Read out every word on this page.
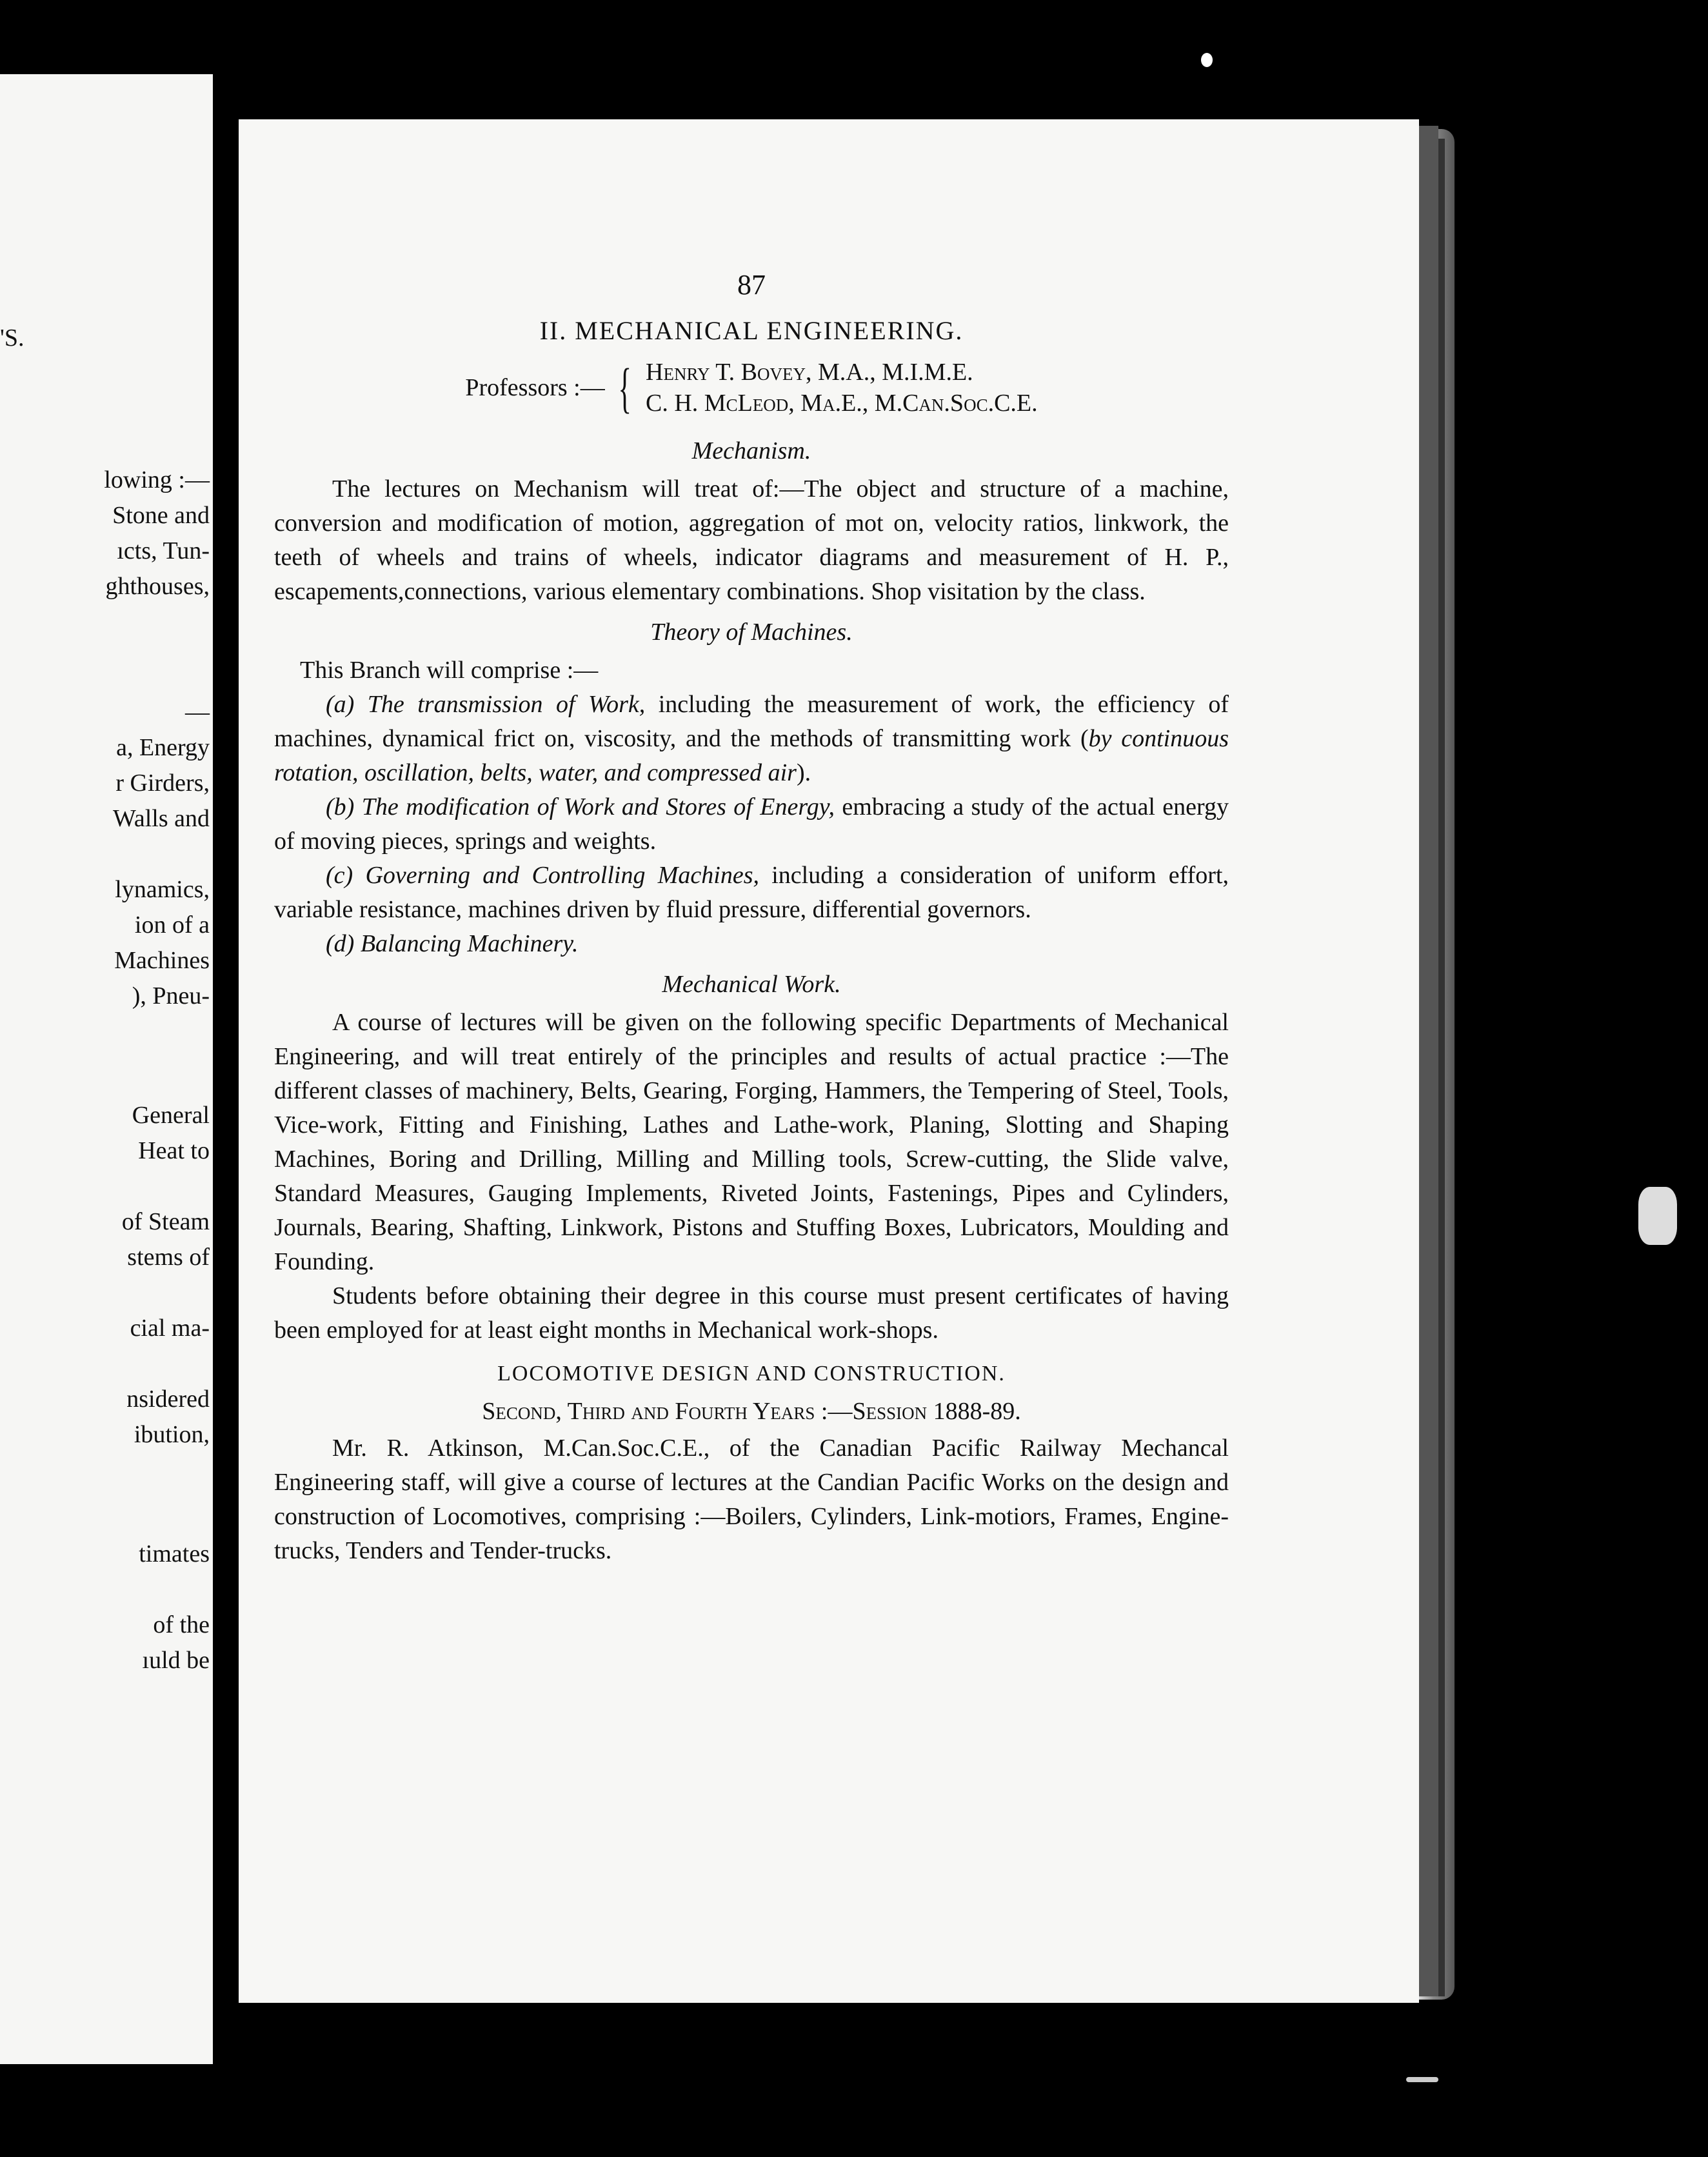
'S.
lowing :—
Stone and
ıcts, Tun-
ghthouses,
—
a, Energy
r Girders,
Walls and
lynamics,
ion of a
Machines
), Pneu-
General
Heat to
of Steam
stems of
cial ma-
nsidered
ibution,
timates
of the
ıuld be
87
II. MECHANICAL ENGINEERING.
Professors :— { Henry T. Bovey, M.A., M.I.M.E.
C. H. McLeod, Ma.E., M.Can.Soc.C.E.
Mechanism.

The lectures on Mechanism will treat of:—The object and structure of a machine, conversion and modification of motion, aggregation of mot on, velocity ratios, linkwork, the teeth of wheels and trains of wheels, indicator diagrams and measurement of H. P., escapements,connections, various elementary combinations. Shop visitation by the class.

Theory of Machines.

This Branch will comprise :—

(a) The transmission of Work, including the measurement of work, the efficiency of machines, dynamical frict on, viscosity, and the methods of transmitting work (by continuous rotation, oscillation, belts, water, and compressed air).

(b) The modification of Work and Stores of Energy, embracing a study of the actual energy of moving pieces, springs and weights.

(c) Governing and Controlling Machines, including a consideration of uniform effort, variable resistance, machines driven by fluid pressure, differential governors.

(d) Balancing Machinery.

Mechanical Work.

A course of lectures will be given on the following specific Departments of Mechanical Engineering, and will treat entirely of the principles and results of actual practice :—The different classes of machinery, Belts, Gearing, Forging, Hammers, the Tempering of Steel, Tools, Vice-work, Fitting and Finishing, Lathes and Lathe-work, Planing, Slotting and Shaping Machines, Boring and Drilling, Milling and Milling tools, Screw-cutting, the Slide valve, Standard Measures, Gauging Implements, Riveted Joints, Fastenings, Pipes and Cylinders, Journals, Bearing, Shafting, Linkwork, Pistons and Stuffing Boxes, Lubricators, Moulding and Founding.

Students before obtaining their degree in this course must present certificates of having been employed for at least eight months in Mechanical work-shops.

LOCOMOTIVE DESIGN AND CONSTRUCTION.
Second, Third and Fourth Years :—Session 1888-89.

Mr. R. Atkinson, M.Can.Soc.C.E., of the Canadian Pacific Railway Mechancal Engineering staff, will give a course of lectures at the Candian Pacific Works on the design and construction of Locomotives, comprising :—Boilers, Cylinders, Link-motiors, Frames, Engine-trucks, Tenders and Tender-trucks.
